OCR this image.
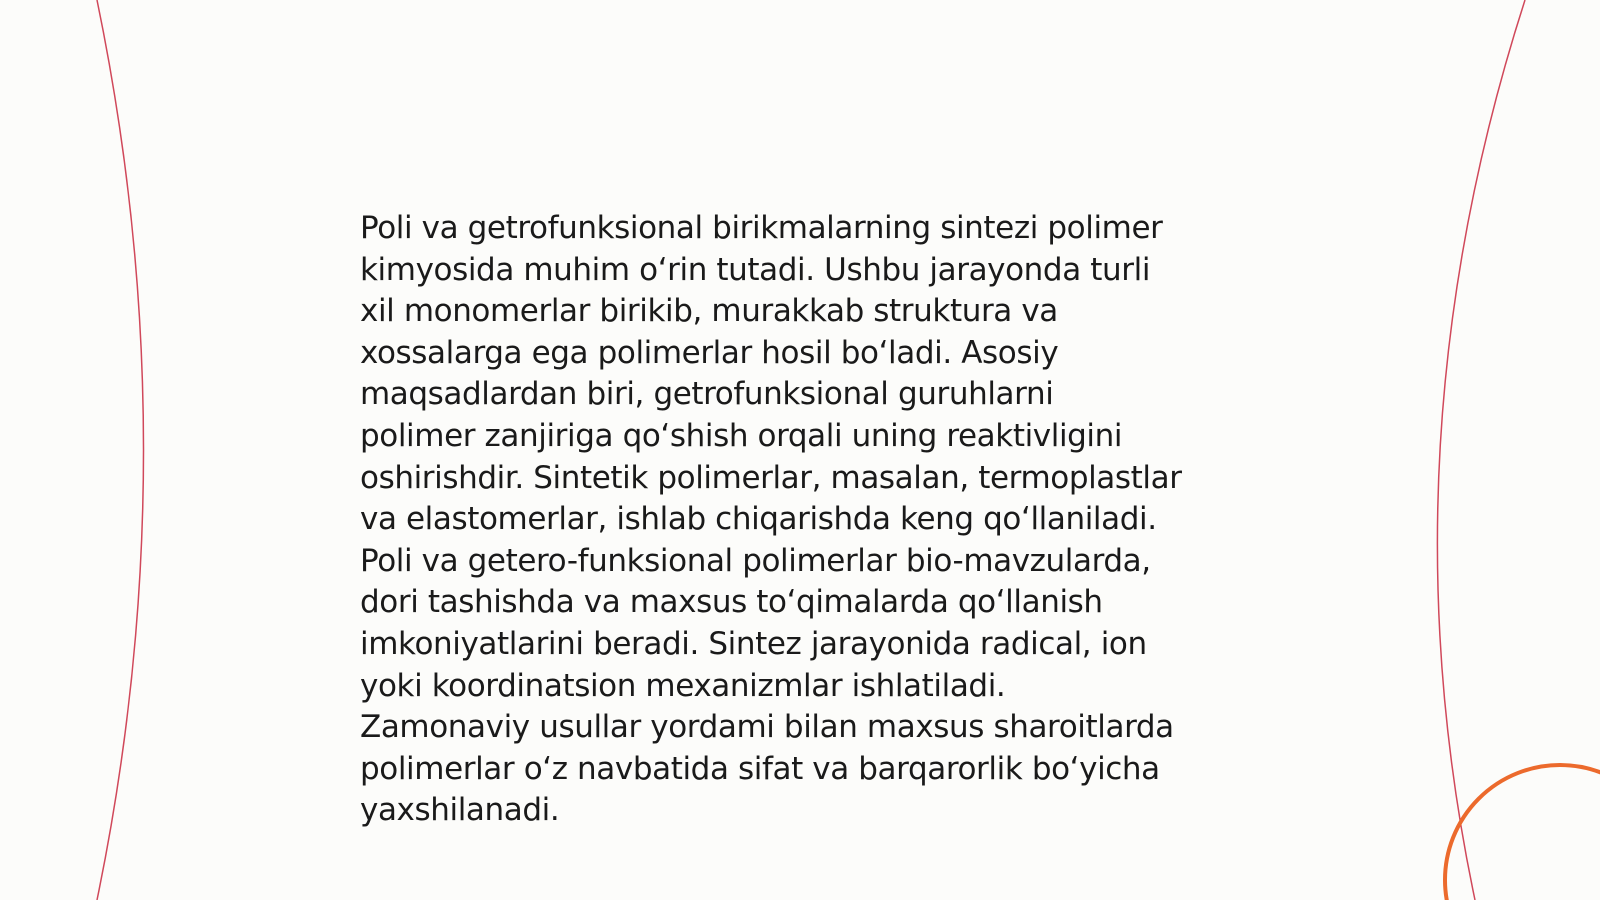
Poli va getrofunksional birikmalarning sintezi polimer
kimyosida muhim o‘rin tutadi. Ushbu jarayonda turli
xil monomerlar birikib, murakkab struktura va
xossalarga ega polimerlar hosil bo‘ladi. Asosiy
maqsadlardan biri, getrofunksional guruhlarni
polimer zanjiriga qo‘shish orqali uning reaktivligini
oshirishdir. Sintetik polimerlar, masalan, termoplastlar
va elastomerlar, ishlab chiqarishda keng qo‘llaniladi.
Poli va getero-funksional polimerlar bio-mavzularda,
dori tashishda va maxsus to‘qimalarda qo‘llanish
imkoniyatlarini beradi. Sintez jarayonida radical, ion
yoki koordinatsion mexanizmlar ishlatiladi.
Zamonaviy usullar yordami bilan maxsus sharoitlarda
polimerlar o‘z navbatida sifat va barqarorlik bo‘yicha
yaxshilanadi.
